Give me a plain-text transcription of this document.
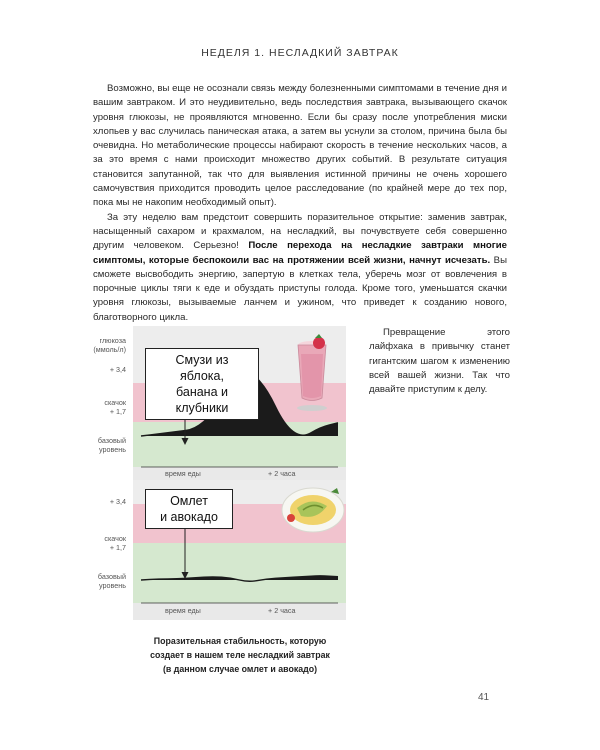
НЕДЕЛЯ 1. НЕСЛАДКИЙ ЗАВТРАК

Возможно, вы еще не осознали связь между болезненными симптомами в течение дня и вашим завтраком. И это неудивительно, ведь последствия завтрака, вызывающего скачок уровня глюкозы, не проявляются мгновенно. Если бы сразу после употребления миски хлопьев у вас случилась паническая атака, а затем вы уснули за столом, причина была бы очевидна. Но метаболические процессы набирают скорость в течение нескольких часов, а за это время с нами происходит множество других событий. В результате ситуация становится запутанной, так что для выявления истинной причины не очень хорошего самочувствия приходится проводить целое расследование (по крайней мере до тех пор, пока мы не накопим необходимый опыт).

За эту неделю вам предстоит совершить поразительное открытие: заменив завтрак, насыщенный сахаром и крахмалом, на несладкий, вы почувствуете себя совершенно другим человеком. Серьезно! После перехода на несладкие завтраки многие симптомы, которые беспокоили вас на протяжении всей жизни, начнут исчезать. Вы сможете высвободить энергию, запертую в клетках тела, уберечь мозг от вовлечения в порочные циклы тяги к еде и обуздать приступы голода. Кроме того, уменьшатся скачки уровня глюкозы, вызываемые ланчем и ужином, что приведет к созданию нового, благотворного цикла.

Превращение этого лайфхака в привычку станет гигантским шагом к изменению всей вашей жизни. Так что давайте приступим к делу.
глюкоза
(ммоль/л)
+ 3,4
скачок
+ 1,7
базовый
уровень
Смузи из яблока,
банана и клубники
время еды	+ 2 часа
+ 3,4
скачок
+ 1,7
базовый
уровень
Омлет
и авокадо
время еды	+ 2 часа
Поразительная стабильность, которую
создает в нашем теле несладкий завтрак
(в данном случае омлет и авокадо)
41
